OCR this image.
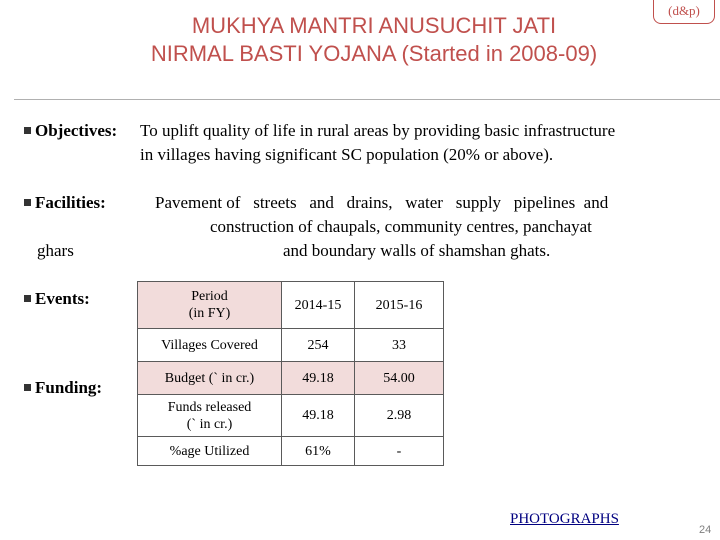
MUKHYA MANTRI ANUSUCHIT JATI
NIRMAL BASTI YOJANA (Started in 2008-09)
(d&p)
Objectives: To uplift quality of life in rural areas by providing basic infrastructure
in villages having significant SC population (20% or above).
Facilities:	Pavement of   streets   and   drains,   water   supply   pipelines  and
construction of chaupals, community centres, panchayat
ghars	and boundary walls of shamshan ghats.
Events:
Funding:
Period
(in FY)	2014-15	2015-16
Villages Covered	254	33
Budget (` in cr.)	49.18	54.00
Funds released
(` in cr.)	49.18	2.98
%age Utilized	61%	-
PHOTOGRAPHS
24
